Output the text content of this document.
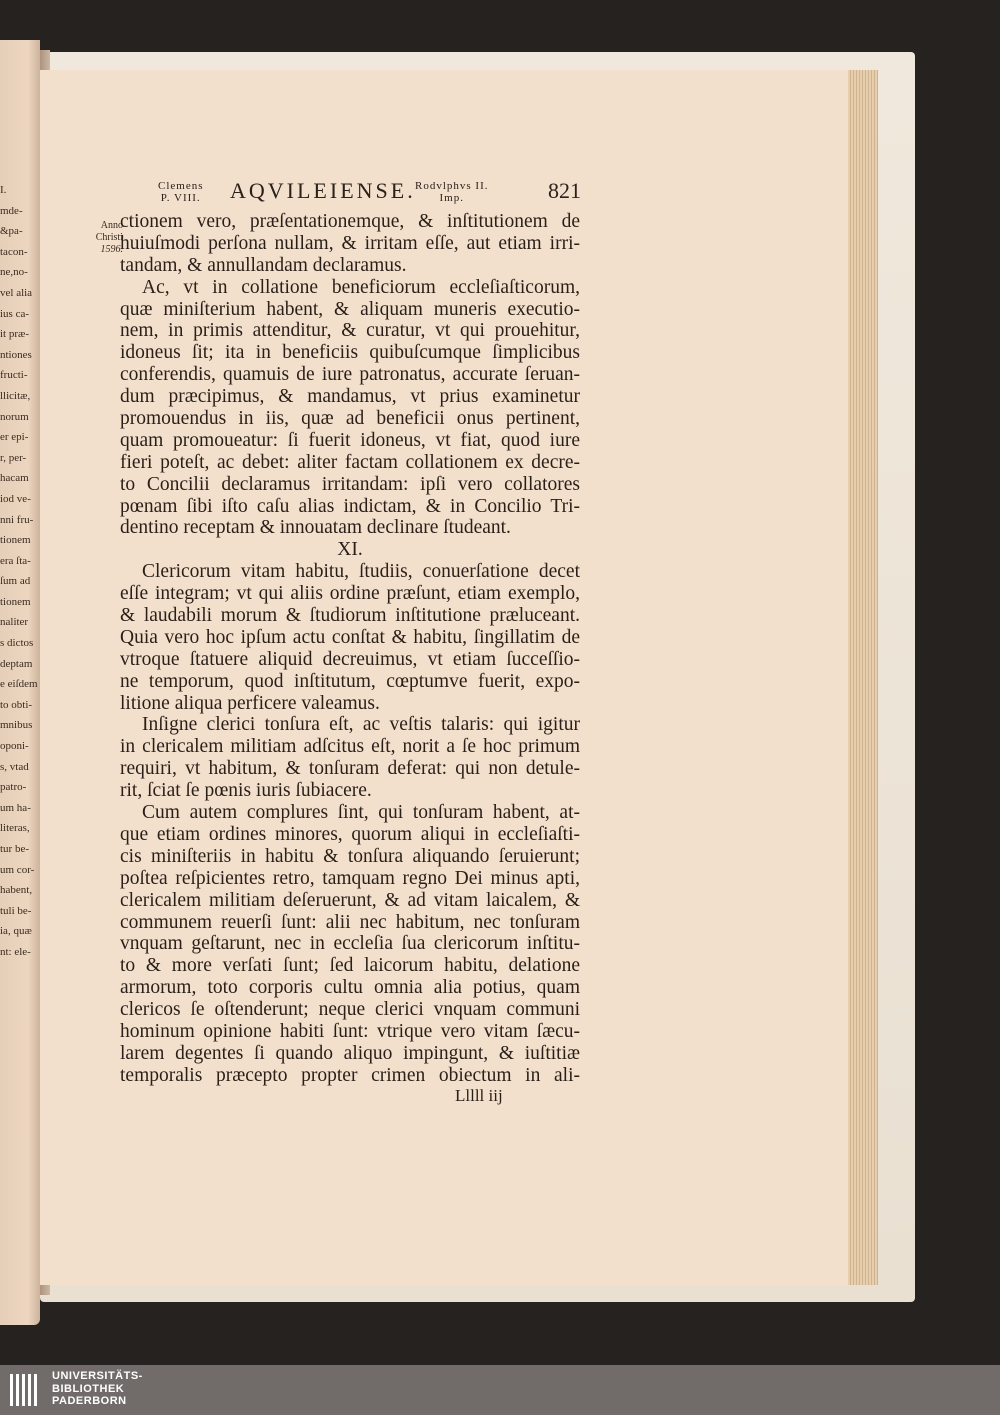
I.
mde-
&pa-
tacon-
ne,no-
vel alia
ius ca-
it præ-
ntiones
fructi-
llicitæ,
norum
er epi-
r, per-
hacam
iod ve-
nni fru-
tionem
era ſta-
ſum ad
tionem
naliter
s dictos
deptam
e eiſdem
to obti-
mnibus
oponi-
s, vtad
patro-
um ha-
literas,
tur be-
um cor-
habent,
tuli be-
ia, quæ
nt: ele-
Clemens
P. VIII. AQVILEIENSE. Rodvlphvs II.
Imp.	821
Anno
Christi
1596.
ctionem vero, præſentationemque, & inſtitutionem de
huiuſmodi perſona nullam, & irritam eſſe, aut etiam irri-
tandam, & annullandam declaramus.
Ac, vt in collatione beneficiorum eccleſiaſticorum,
quæ miniſterium habent, & aliquam muneris executio-
nem, in primis attenditur, & curatur, vt qui prouehitur,
idoneus ſit; ita in beneficiis quibuſcumque ſimplicibus
conferendis, quamuis de iure patronatus, accurate ſeruan-
dum præcipimus, & mandamus, vt prius examinetur
promouendus in iis, quæ ad beneficii onus pertinent,
quam promoueatur: ſi fuerit idoneus, vt fiat, quod iure
fieri poteſt, ac debet: aliter factam collationem ex decre-
to Concilii declaramus irritandam: ipſi vero collatores
pœnam ſibi iſto caſu alias indictam, & in Concilio Tri-
dentino receptam & innouatam declinare ſtudeant.
XI.
Clericorum vitam habitu, ſtudiis, conuerſatione decet
eſſe integram; vt qui aliis ordine præſunt, etiam exemplo,
& laudabili morum & ſtudiorum inſtitutione præluceant.
Quia vero hoc ipſum actu conſtat & habitu, ſingillatim de
vtroque ſtatuere aliquid decreuimus, vt etiam ſucceſſio-
ne temporum, quod inſtitutum, cœptumve fuerit, expo-
litione aliqua perficere valeamus.
Inſigne clerici tonſura eſt, ac veſtis talaris: qui igitur
in clericalem militiam adſcitus eſt, norit a ſe hoc primum
requiri, vt habitum, & tonſuram deferat: qui non detule-
rit, ſciat ſe pœnis iuris ſubiacere.
Cum autem complures ſint, qui tonſuram habent, at-
que etiam ordines minores, quorum aliqui in eccleſiaſti-
cis miniſteriis in habitu & tonſura aliquando ſeruierunt;
poſtea reſpicientes retro, tamquam regno Dei minus apti,
clericalem militiam deſeruerunt, & ad vitam laicalem, &
communem reuerſi ſunt: alii nec habitum, nec tonſuram
vnquam geſtarunt, nec in eccleſia ſua clericorum inſtitu-
to & more verſati ſunt; ſed laicorum habitu, delatione
armorum, toto corporis cultu omnia alia potius, quam
clericos ſe oſtenderunt; neque clerici vnquam communi
hominum opinione habiti ſunt: vtrique vero vitam ſæcu-
larem degentes ſi quando aliquo impingunt, & iuſtitiæ
temporalis præcepto propter crimen obiectum in ali-
Lllll iij
UNIVERSITÄTS-
BIBLIOTHEK
PADERBORN
